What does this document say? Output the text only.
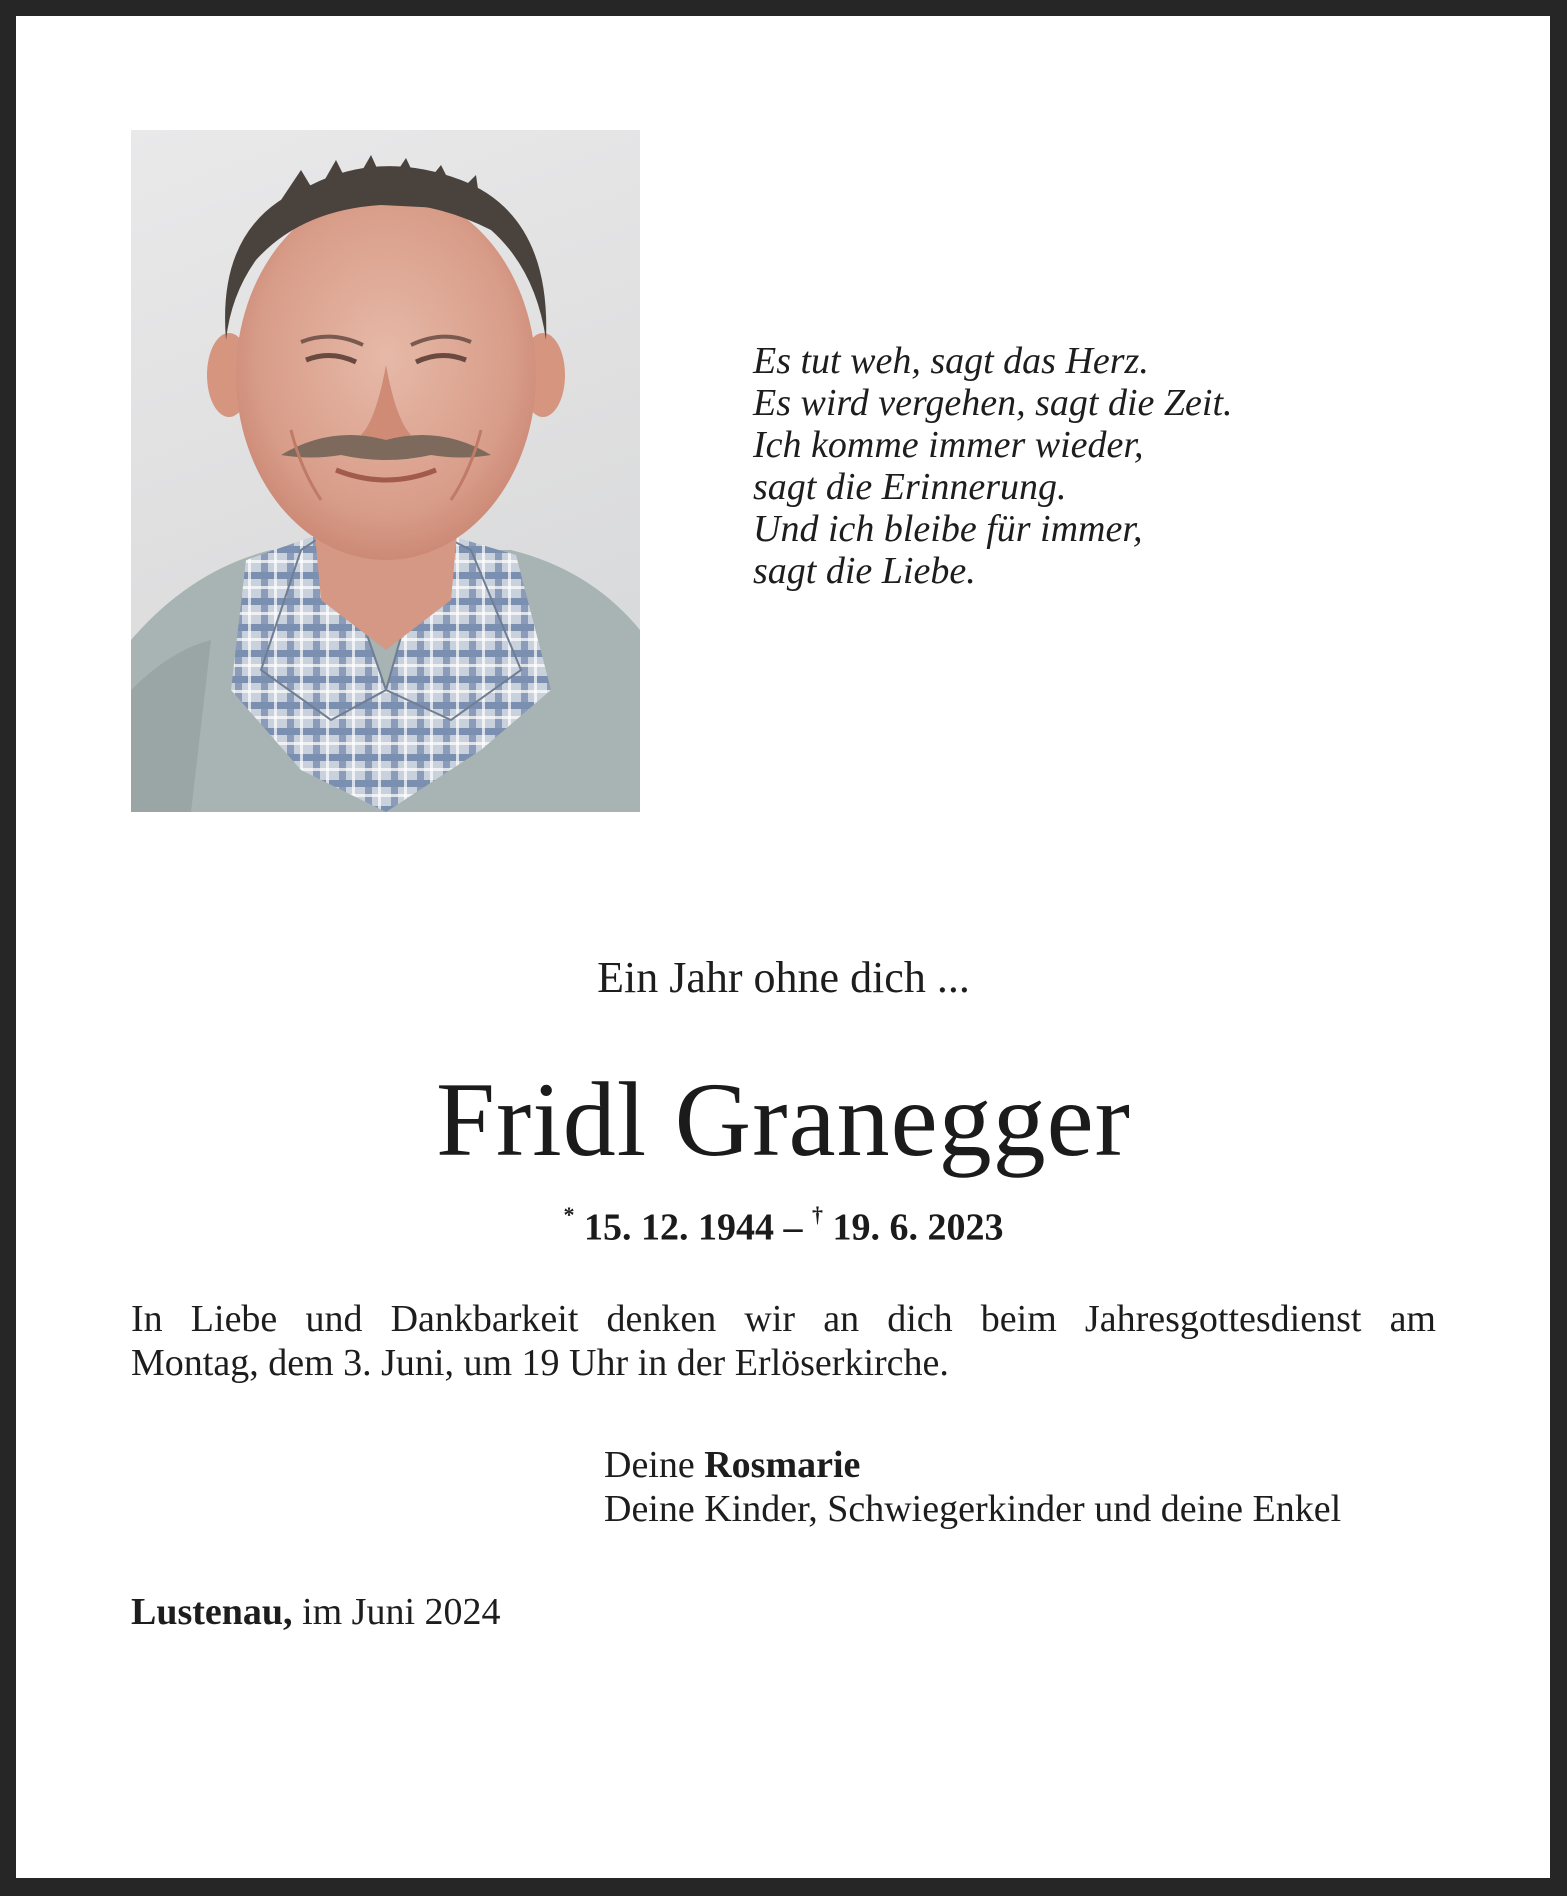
Es tut weh, sagt das Herz.
Es wird vergehen, sagt die Zeit.
Ich komme immer wieder,
sagt die Erinnerung.
Und ich bleibe für immer,
sagt die Liebe.
Ein Jahr ohne dich ...
Fridl Granegger
* 15. 12. 1944 – † 19. 6. 2023
In Liebe und Dankbarkeit denken wir an dich beim Jahresgottesdienst am
Montag, dem 3. Juni, um 19 Uhr in der Erlöserkirche.
Deine Rosmarie
Deine Kinder, Schwiegerkinder und deine Enkel
Lustenau, im Juni 2024
